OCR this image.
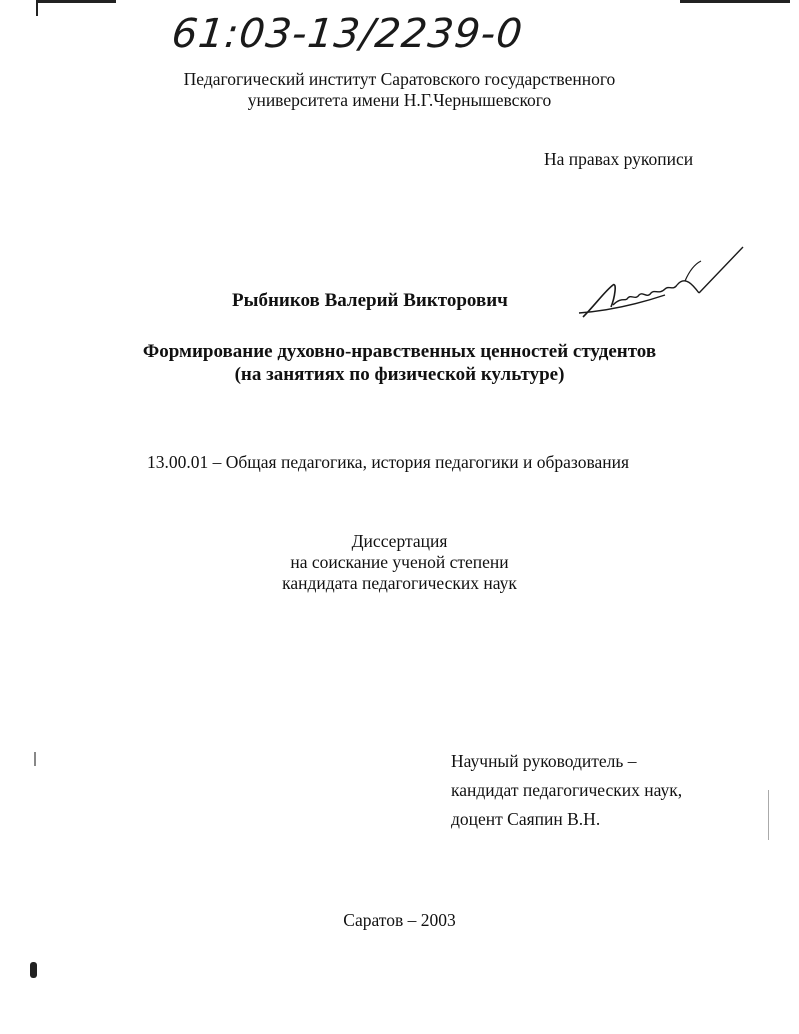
61:03-13/2239-0
Педагогический институт Саратовского государственного
университета имени Н.Г.Чернышевского
На правах рукописи
Рыбников Валерий Викторович
Формирование духовно-нравственных ценностей студентов
(на занятиях по физической культуре)
13.00.01 – Общая педагогика, история педагогики и образования
Диссертация
на соискание ученой степени
кандидата педагогических наук
Научный руководитель –
кандидат педагогических наук,
доцент Саяпин В.Н.
Саратов – 2003
